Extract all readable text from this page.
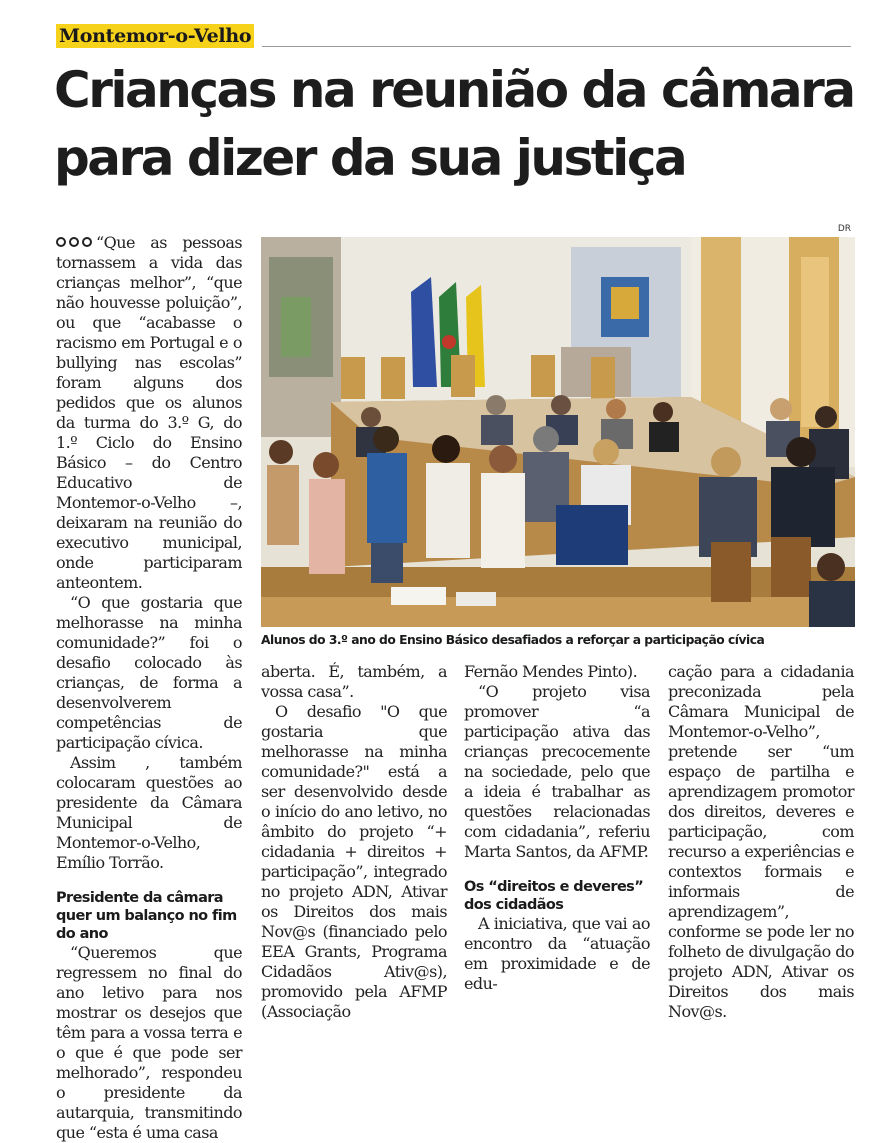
Montemor-o-Velho
Crianças na reunião da câmara
para dizer da sua justiça

“Que as pessoas tornassem a vida das crianças melhor”, “que não houvesse poluição”, ou que “acabasse o racismo em Portugal e o bullying nas escolas” foram alguns dos pedidos que os alunos da turma do 3.º G, do 1.º Ciclo do Ensino Básico – do Centro Educativo de Montemor-o-Velho –, deixaram na reunião do executivo municipal, onde participaram anteontem.

“O que gostaria que melhorasse na minha comunidade?” foi o desafio colocado às crianças, de forma a desenvolverem competências de participação cívica.

Assim , também colocaram questões ao presidente da Câmara Municipal de Montemor-o-Velho, Emílio Torrão.

Presidente da câmara quer um balanço no fim do ano

“Queremos que regressem no final do ano letivo para nos mostrar os desejos que têm para a vossa terra e o que é que pode ser melhorado”, respondeu o presidente da autarquia, transmitindo que “esta é uma casa

DR
Alunos do 3.º ano do Ensino Básico desafiados a reforçar a participação cívica

aberta. É, também, a vossa casa”.

O desafio "O que gostaria que melhorasse na minha comunidade?" está a ser desenvolvido desde o início do ano letivo, no âmbito do projeto “+ cidadania + direitos + participação”, integrado no projeto ADN, Ativar os Direitos dos mais Nov@s (financiado pelo EEA Grants, Programa Cidadãos Ativ@s), promovido pela AFMP (Associação

Fernão Mendes Pinto).

“O projeto visa promover “a participação ativa das crianças precocemente na sociedade, pelo que a ideia é trabalhar as questões relacionadas com cidadania”, referiu Marta Santos, da AFMP.

Os “direitos e deveres” dos cidadãos

A iniciativa, que vai ao encontro da “atuação em proximidade e de edu-

cação para a cidadania preconizada pela Câmara Municipal de Montemor-o-Velho”, pretende ser “um espaço de partilha e aprendizagem promotor dos direitos, deveres e participação, com recurso a experiências e contextos formais e informais de aprendizagem”, conforme se pode ler no folheto de divulgação do projeto ADN, Ativar os Direitos dos mais Nov@s.
